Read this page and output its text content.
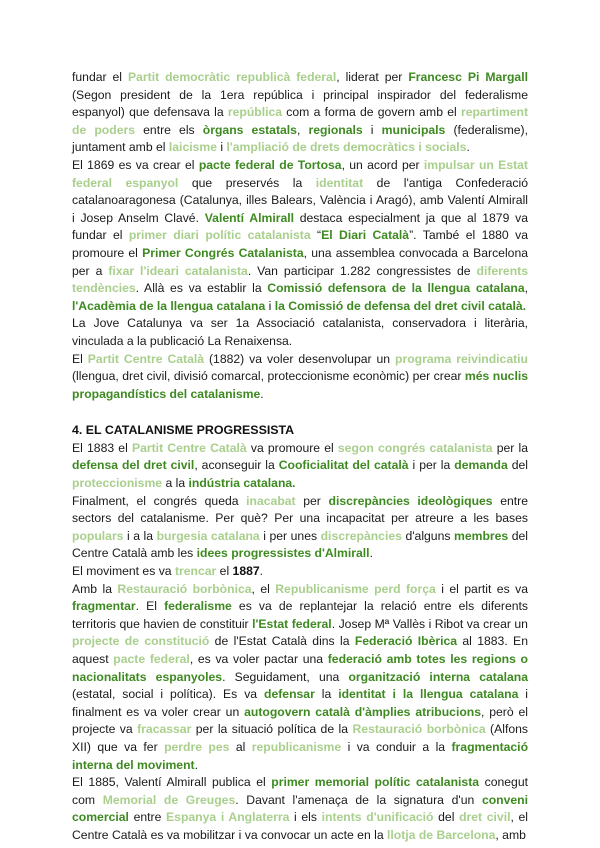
fundar el Partit democràtic republicà federal, liderat per Francesc Pi Margall (Segon president de la 1era república i principal inspirador del federalisme espanyol) que defensava la república com a forma de govern amb el repartiment de poders entre els òrgans estatals, regionals i municipals (federalisme), juntament amb el laicisme i l'ampliació de drets democràtics i socials.

El 1869 es va crear el pacte federal de Tortosa, un acord per impulsar un Estat federal espanyol que preservés la identitat de l'antiga Confederació catalanoaragonesa (Catalunya, illes Balears, València i Aragó), amb Valentí Almirall i Josep Anselm Clavé. Valentí Almirall destaca especialment ja que al 1879 va fundar el primer diari polític catalanista “El Diari Català”. També el 1880 va promoure el Primer Congrés Catalanista, una assemblea convocada a Barcelona per a fixar l'ideari catalanista. Van participar 1.282 congressistes de diferents tendències. Allà es va establir la Comissió defensora de la llengua catalana, l'Acadèmia de la llengua catalana i la Comissió de defensa del dret civil català.

La Jove Catalunya va ser 1a Associació catalanista, conservadora i literària, vinculada a la publicació La Renaixensa.

El Partit Centre Català (1882) va voler desenvolupar un programa reivindicatiu (llengua, dret civil, divisió comarcal, proteccionisme econòmic) per crear més nuclis propagandístics del catalanisme.

4. EL CATALANISME PROGRESSISTA

El 1883 el Partit Centre Català va promoure el segon congrés catalanista per la defensa del dret civil, aconseguir la Cooficialitat del català i per la demanda del proteccionisme a la indústria catalana.

Finalment, el congrés queda inacabat per discrepàncies ideològiques entre sectors del catalanisme. Per què? Per una incapacitat per atreure a les bases populars i a la burgesia catalana i per unes discrepàncies d'alguns membres del Centre Català amb les idees progressistes d'Almirall.

El moviment es va trencar el 1887.

Amb la Restauració borbònica, el Republicanisme perd força i el partit es va fragmentar. El federalisme es va de replantejar la relació entre els diferents territoris que havien de constituir l'Estat federal. Josep Mª Vallès i Ribot va crear un projecte de constitució de l'Estat Català dins la Federació Ibèrica al 1883. En aquest pacte federal, es va voler pactar una federació amb totes les regions o nacionalitats espanyoles. Seguidament, una organització interna catalana (estatal, social i política). Es va defensar la identitat i la llengua catalana i finalment es va voler crear un autogovern català d'àmplies atribucions, però el projecte va fracassar per la situació política de la Restauració borbònica (Alfons XII) que va fer perdre pes al republicanisme i va conduir a la fragmentació interna del moviment.

El 1885, Valentí Almirall publica el primer memorial polític catalanista conegut com Memorial de Greuges. Davant l'amenaça de la signatura d'un conveni comercial entre Espanya i Anglaterra i els intents d'unificació del dret civil, el Centre Català es va mobilitzar i va convocar un acte en la llotja de Barcelona, amb
